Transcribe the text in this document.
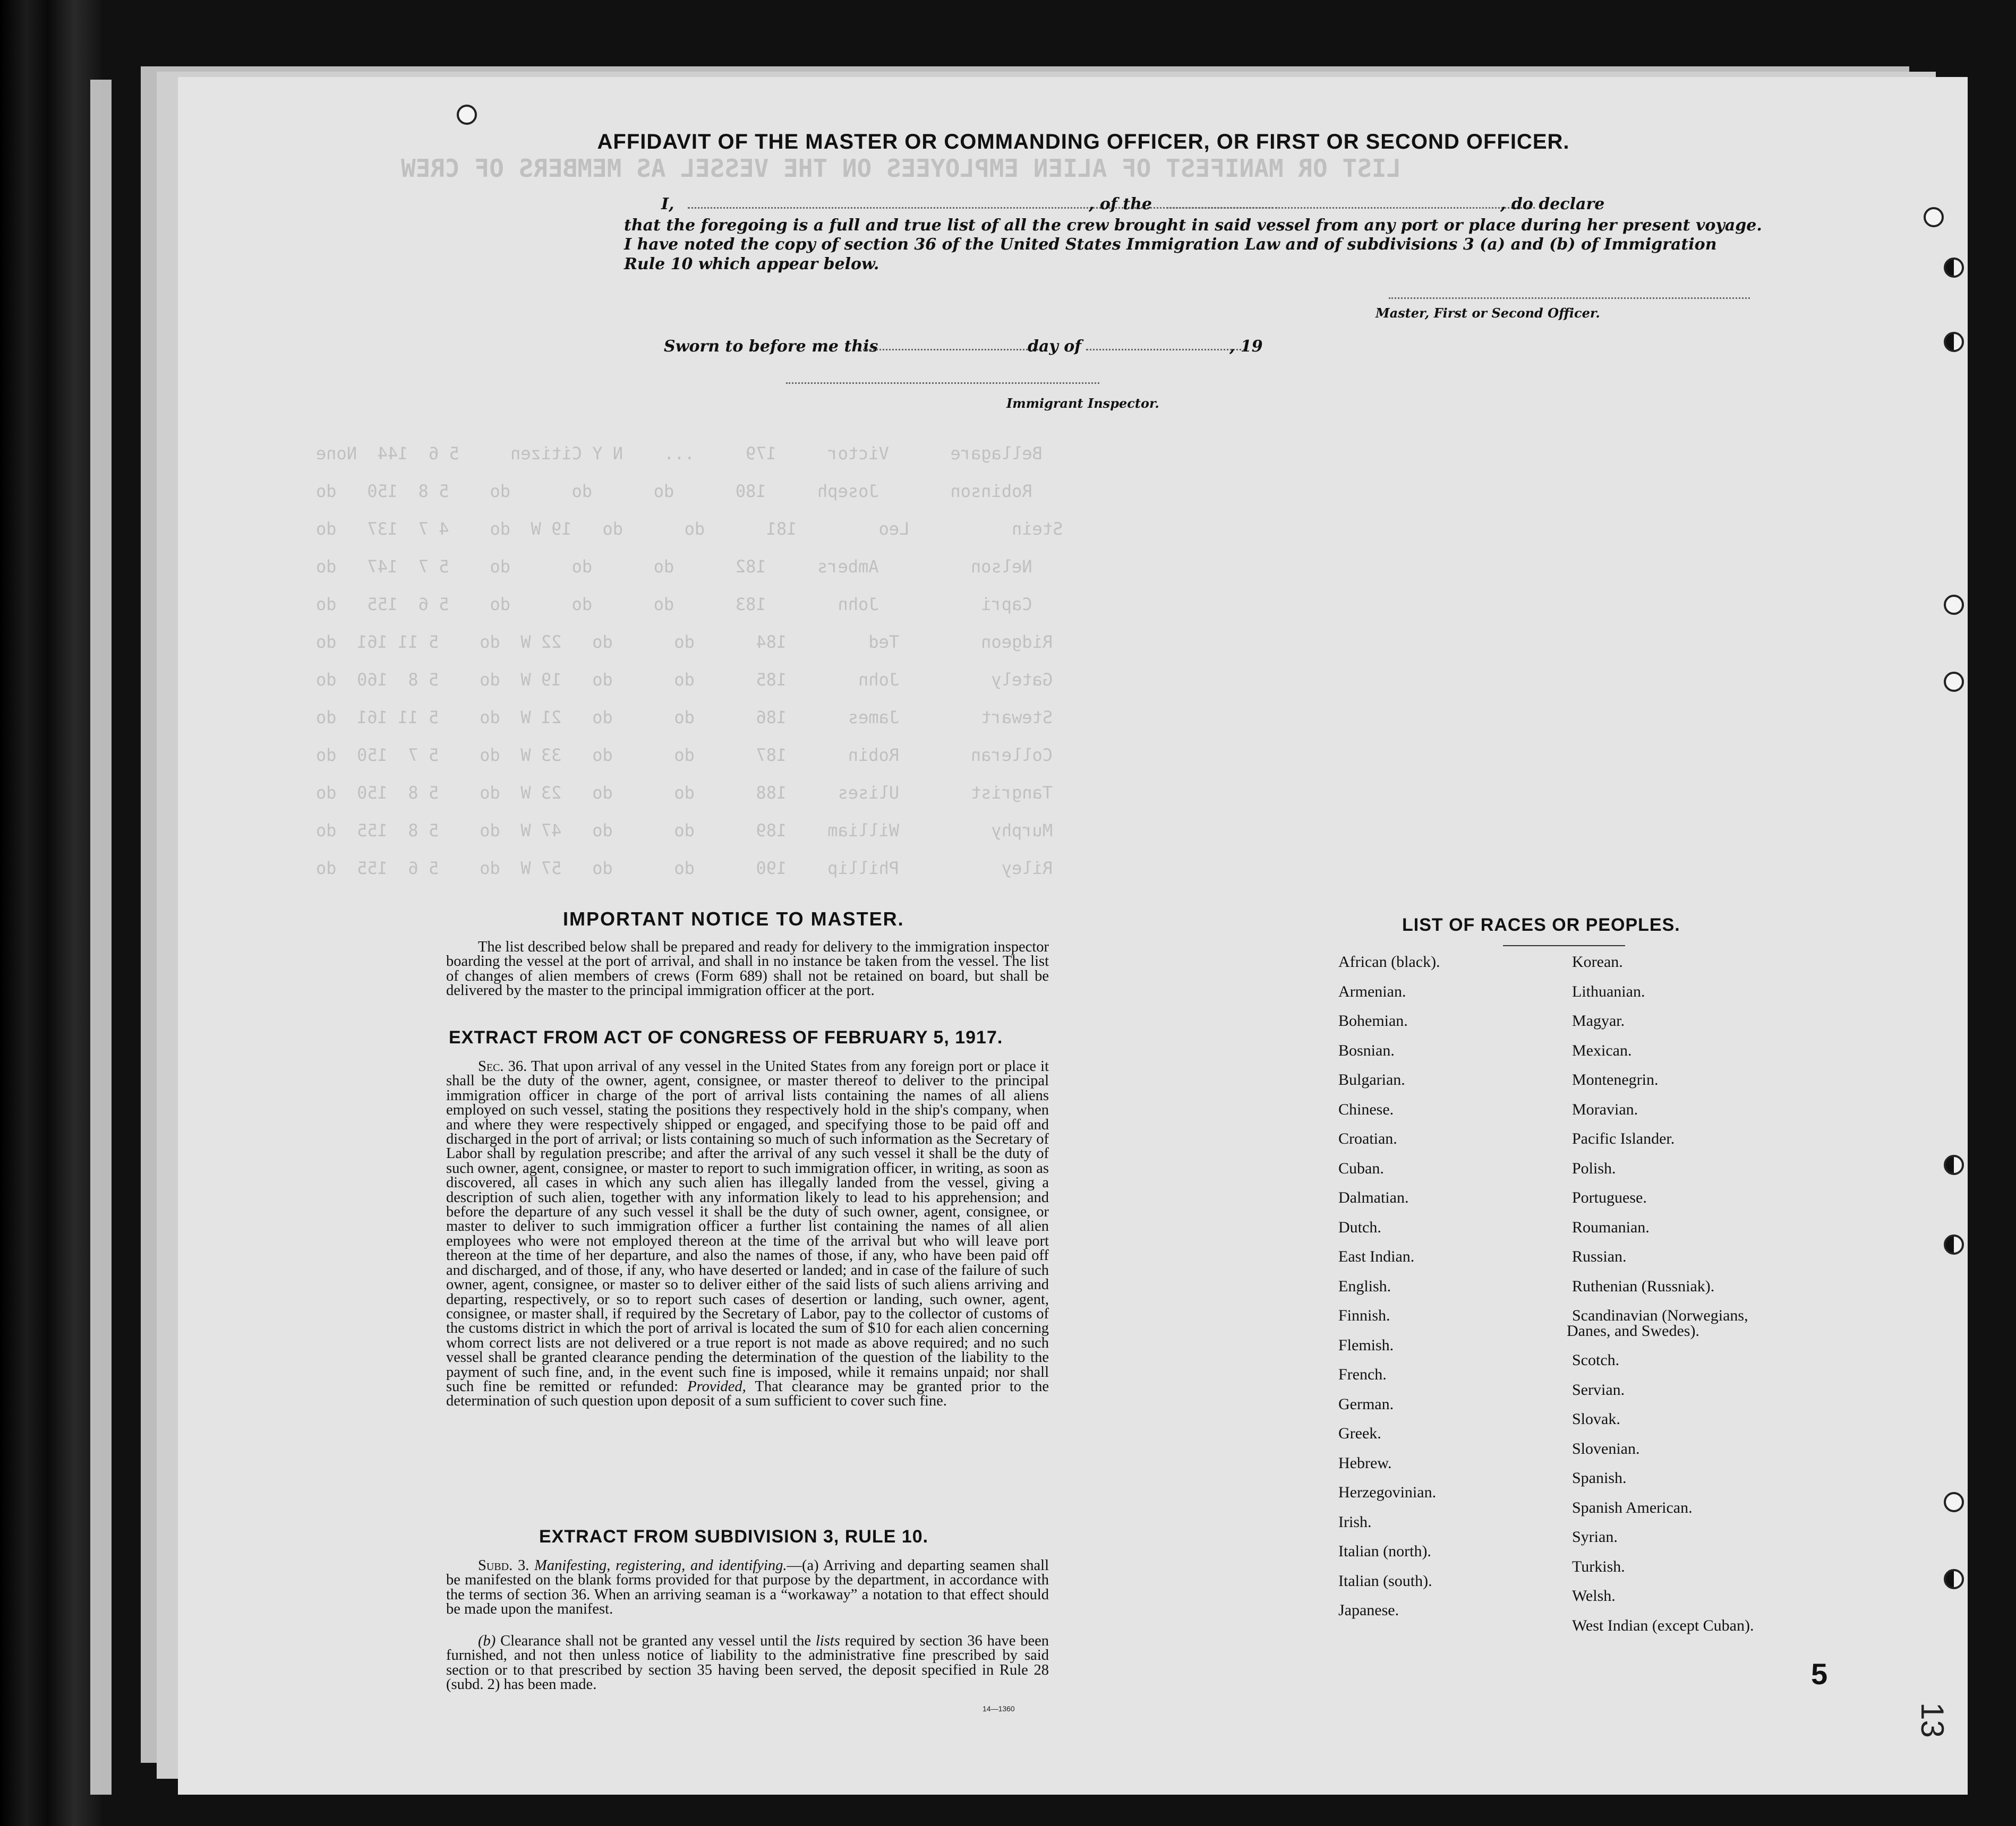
LIST OR MANIFEST OF ALIEN EMPLOYEES ON THE VESSEL AS MEMBERS OF CREW
Bellagare      Victor     179     ...    N Y Citizen     5 6  144  None
Robinson       Joseph     180      do      do      do    5 8  150   do
Stein          Leo        181      do      do   19 W  do    4 7  137   do
Nelson         Ambers     182      do      do      do    5 7  147   do
Capri          John       183      do      do      do    5 6  155   do
Ridgeon        Ted        184      do      do   22 W  do    5 11 161  do
Gately         John       185      do      do   19 W  do    5 8  160  do
Stewart        James      186      do      do   21 W  do    5 11 161  do
Colleran       Robin      187      do      do   33 W  do    5 7  150  do
Tangrist       Ulises     188      do      do   23 W  do    5 8  150  do
Murphy         William    189      do      do   47 W  do    5 8  155  do
Riley          Phillip    190      do      do   57 W  do    5 6  155  do
AFFIDAVIT OF THE MASTER OR COMMANDING OFFICER, OR FIRST OR SECOND OFFICER.
I,	, of the	, do declare
that the foregoing is a full and true list of all the crew brought in said vessel from any port or place during her present voyage.
I have noted the copy of section 36 of the United States Immigration Law and of subdivisions 3 (a) and (b) of Immigration
Rule 10 which appear below.
Master, First or Second Officer.
Sworn to before me this	day of	, 19
Immigrant Inspector.
IMPORTANT NOTICE TO MASTER.
The list described below shall be prepared and ready for delivery to the immigration inspector boarding the vessel at the port of arrival, and shall in no instance be taken from the vessel. The list of changes of alien members of crews (Form 689) shall not be retained on board, but shall be delivered by the master to the principal immigration officer at the port.
EXTRACT FROM ACT OF CONGRESS OF FEBRUARY 5, 1917.
Sec. 36. That upon arrival of any vessel in the United States from any foreign port or place it shall be the duty of the owner, agent, consignee, or master thereof to deliver to the principal immigration officer in charge of the port of arrival lists containing the names of all aliens employed on such vessel, stating the positions they respectively hold in the ship's company, when and where they were respectively shipped or engaged, and specifying those to be paid off and discharged in the port of arrival; or lists containing so much of such information as the Secretary of Labor shall by regulation prescribe; and after the arrival of any such vessel it shall be the duty of such owner, agent, consignee, or master to report to such immigration officer, in writing, as soon as discovered, all cases in which any such alien has illegally landed from the vessel, giving a description of such alien, together with any information likely to lead to his apprehension; and before the departure of any such vessel it shall be the duty of such owner, agent, consignee, or master to deliver to such immigration officer a further list containing the names of all alien employees who were not employed thereon at the time of the arrival but who will leave port thereon at the time of her departure, and also the names of those, if any, who have been paid off and discharged, and of those, if any, who have deserted or landed; and in case of the failure of such owner, agent, consignee, or master so to deliver either of the said lists of such aliens arriving and departing, respectively, or so to report such cases of desertion or landing, such owner, agent, consignee, or master shall, if required by the Secretary of Labor, pay to the collector of customs of the customs district in which the port of arrival is located the sum of $10 for each alien concerning whom correct lists are not delivered or a true report is not made as above required; and no such vessel shall be granted clearance pending the determination of the question of the liability to the payment of such fine, and, in the event such fine is imposed, while it remains unpaid; nor shall such fine be remitted or refunded: Provided, That clearance may be granted prior to the determination of such question upon deposit of a sum sufficient to cover such fine.
EXTRACT FROM SUBDIVISION 3, RULE 10.
Subd. 3. Manifesting, registering, and identifying.—(a) Arriving and departing seamen shall be manifested on the blank forms provided for that purpose by the department, in accordance with the terms of section 36. When an arriving seaman is a “workaway” a notation to that effect should be made upon the manifest.
(b) Clearance shall not be granted any vessel until the lists required by section 36 have been furnished, and not then unless notice of liability to the administrative fine prescribed by said section or to that prescribed by section 35 having been served, the deposit specified in Rule 28 (subd. 2) has been made.
14—1360
LIST OF RACES OR PEOPLES.
African (black).
Armenian.
Bohemian.
Bosnian.
Bulgarian.
Chinese.
Croatian.
Cuban.
Dalmatian.
Dutch.
East Indian.
English.
Finnish.
Flemish.
French.
German.
Greek.
Hebrew.
Herzegovinian.
Irish.
Italian (north).
Italian (south).
Japanese.
Korean.
Lithuanian.
Magyar.
Mexican.
Montenegrin.
Moravian.
Pacific Islander.
Polish.
Portuguese.
Roumanian.
Russian.
Ruthenian (Russniak).
Scandinavian (Norwegians,
Danes, and Swedes).
Scotch.
Servian.
Slovak.
Slovenian.
Spanish.
Spanish American.
Syrian.
Turkish.
Welsh.
West Indian (except Cuban).
5
13
